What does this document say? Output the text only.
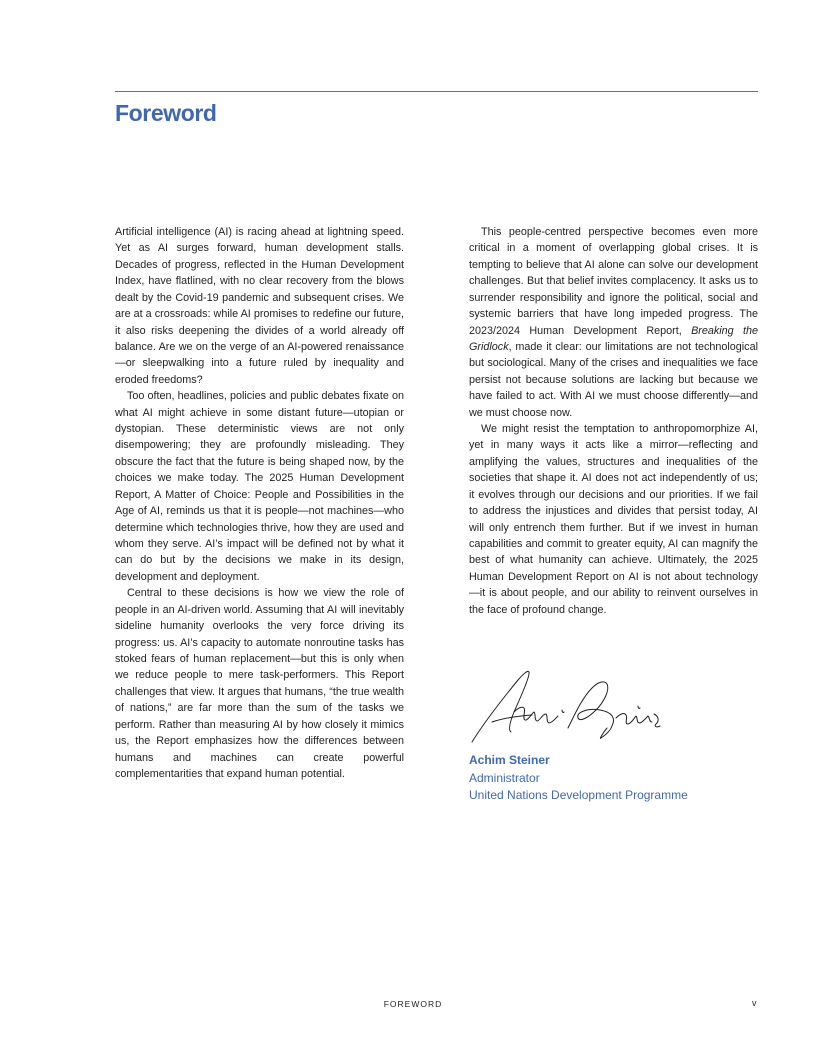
Foreword

Artificial intelligence (AI) is racing ahead at lightning speed. Yet as AI surges forward, human development stalls. Decades of progress, reflected in the Human Development Index, have flatlined, with no clear recovery from the blows dealt by the Covid-19 pandemic and subsequent crises. We are at a crossroads: while AI promises to redefine our future, it also risks deepening the divides of a world already off balance. Are we on the verge of an AI-powered renaissance—or sleepwalking into a future ruled by inequality and eroded freedoms?

Too often, headlines, policies and public debates fixate on what AI might achieve in some distant future—utopian or dystopian. These deterministic views are not only disempowering; they are profoundly misleading. They obscure the fact that the future is being shaped now, by the choices we make today. The 2025 Human Development Report, A Matter of Choice: People and Possibilities in the Age of AI, reminds us that it is people—not machines—who determine which technologies thrive, how they are used and whom they serve. AI’s impact will be defined not by what it can do but by the decisions we make in its design, development and deployment.

Central to these decisions is how we view the role of people in an AI-driven world. Assuming that AI will inevitably sideline humanity overlooks the very force driving its progress: us. AI’s capacity to automate nonroutine tasks has stoked fears of human replacement—but this is only when we reduce people to mere task-performers. This Report challenges that view. It argues that humans, “the true wealth of nations,” are far more than the sum of the tasks we perform. Rather than measuring AI by how closely it mimics us, the Report emphasizes how the differences between humans and machines can create powerful complementarities that expand human potential.

This people-centred perspective becomes even more critical in a moment of overlapping global crises. It is tempting to believe that AI alone can solve our development challenges. But that belief invites complacency. It asks us to surrender responsibility and ignore the political, social and systemic barriers that have long impeded progress. The 2023/2024 Human Development Report, Breaking the Gridlock, made it clear: our limitations are not technological but sociological. Many of the crises and inequalities we face persist not because solutions are lacking but because we have failed to act. With AI we must choose differently—and we must choose now.

We might resist the temptation to anthropomorphize AI, yet in many ways it acts like a mirror—reflecting and amplifying the values, structures and inequalities of the societies that shape it. AI does not act independently of us; it evolves through our decisions and our priorities. If we fail to address the injustices and divides that persist today, AI will only entrench them further. But if we invest in human capabilities and commit to greater equity, AI can magnify the best of what humanity can achieve. Ultimately, the 2025 Human Development Report on AI is not about technology—it is about people, and our ability to reinvent ourselves in the face of profound change.

Achim Steiner
Administrator
United Nations Development Programme
FOREWORD	v
